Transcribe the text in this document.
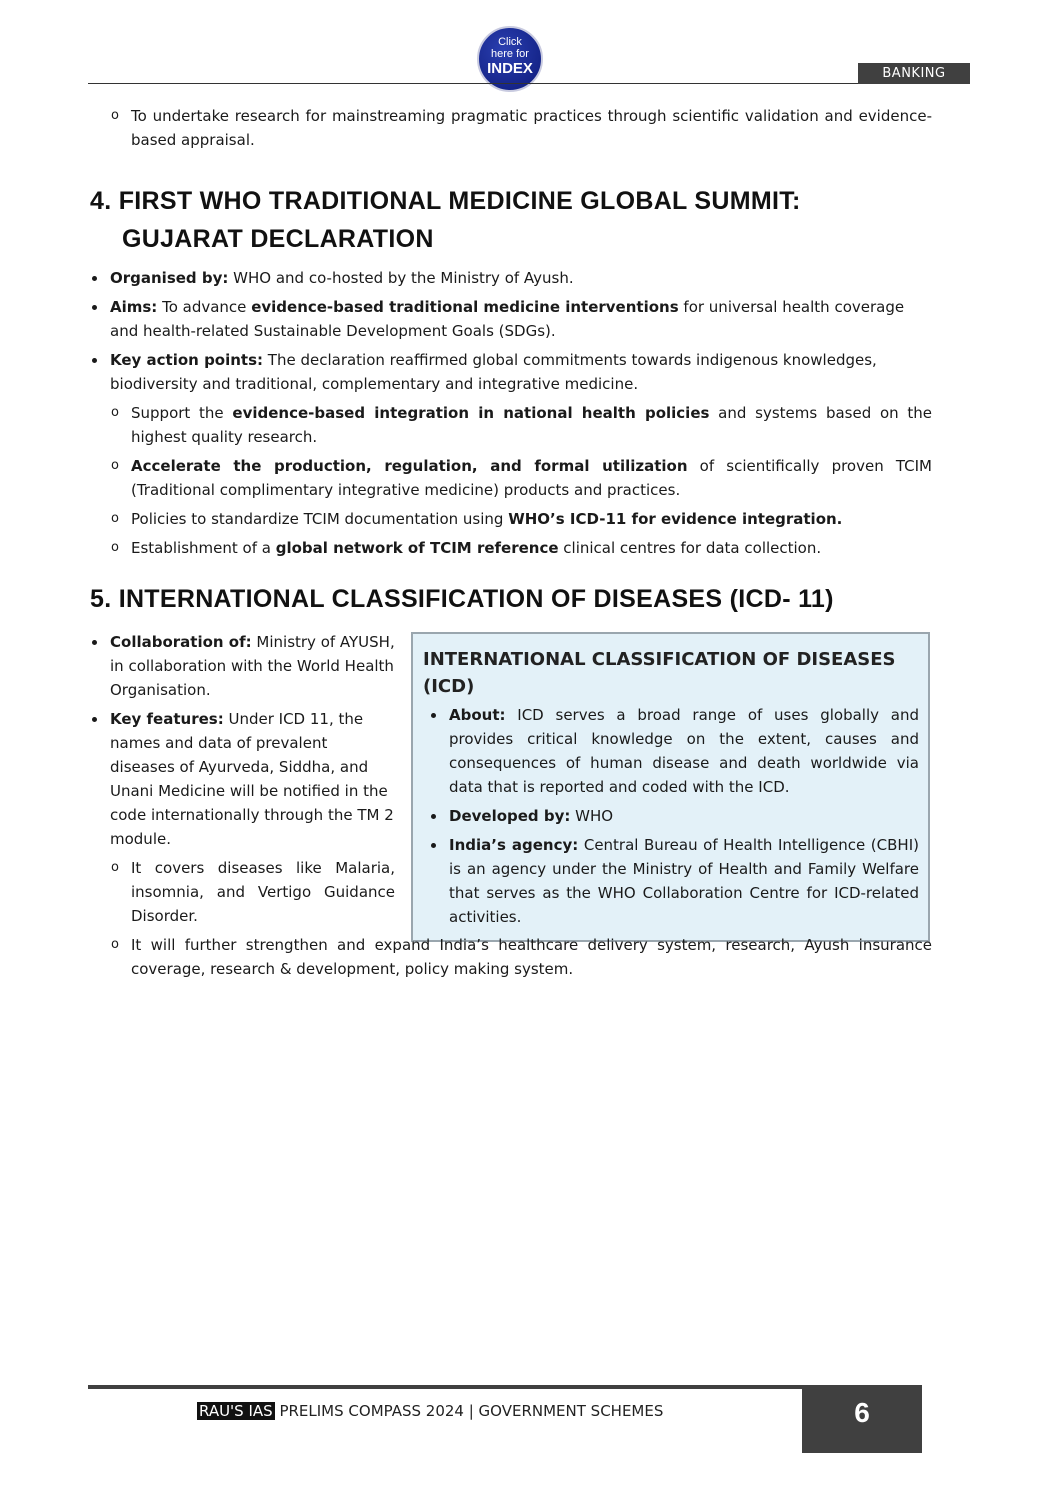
Click
here for
INDEX	BANKING

o To undertake research for mainstreaming pragmatic practices through scientific validation and evidence-based appraisal.

4. FIRST WHO TRADITIONAL MEDICINE GLOBAL SUMMIT:
GUJARAT DECLARATION

Organised by: WHO and co-hosted by the Ministry of Ayush.

Aims: To advance evidence-based traditional medicine interventions for universal health coverage and health-related Sustainable Development Goals (SDGs).

Key action points: The declaration reaffirmed global commitments towards indigenous knowledges, biodiversity and traditional, complementary and integrative medicine.

o Support the evidence-based integration in national health policies and systems based on the highest quality research.

o Accelerate the production, regulation, and formal utilization of scientifically proven TCIM (Traditional complimentary integrative medicine) products and practices.

o Policies to standardize TCIM documentation using WHO’s ICD-11 for evidence integration.

o Establishment of a global network of TCIM reference clinical centres for data collection.

5. INTERNATIONAL CLASSIFICATION OF DISEASES (ICD- 11)

Collaboration of: Ministry of AYUSH, in collaboration with the World Health Organisation.

Key features: Under ICD 11, the names and data of prevalent diseases of Ayurveda, Siddha, and Unani Medicine will be notified in the code internationally through the TM 2 module.

o It covers diseases like Malaria, insomnia, and Vertigo Guidance Disorder.

INTERNATIONAL CLASSIFICATION OF DISEASES (ICD)

About: ICD serves a broad range of uses globally and provides critical knowledge on the extent, causes and consequences of human disease and death worldwide via data that is reported and coded with the ICD.

Developed by: WHO

India’s agency: Central Bureau of Health Intelligence (CBHI) is an agency under the Ministry of Health and Family Welfare that serves as the WHO Collaboration Centre for ICD-related activities.

o It will further strengthen and expand India’s healthcare delivery system, research, Ayush insurance coverage, research & development, policy making system.

RAU'S IAS PRELIMS COMPASS 2024 | GOVERNMENT SCHEMES	6
